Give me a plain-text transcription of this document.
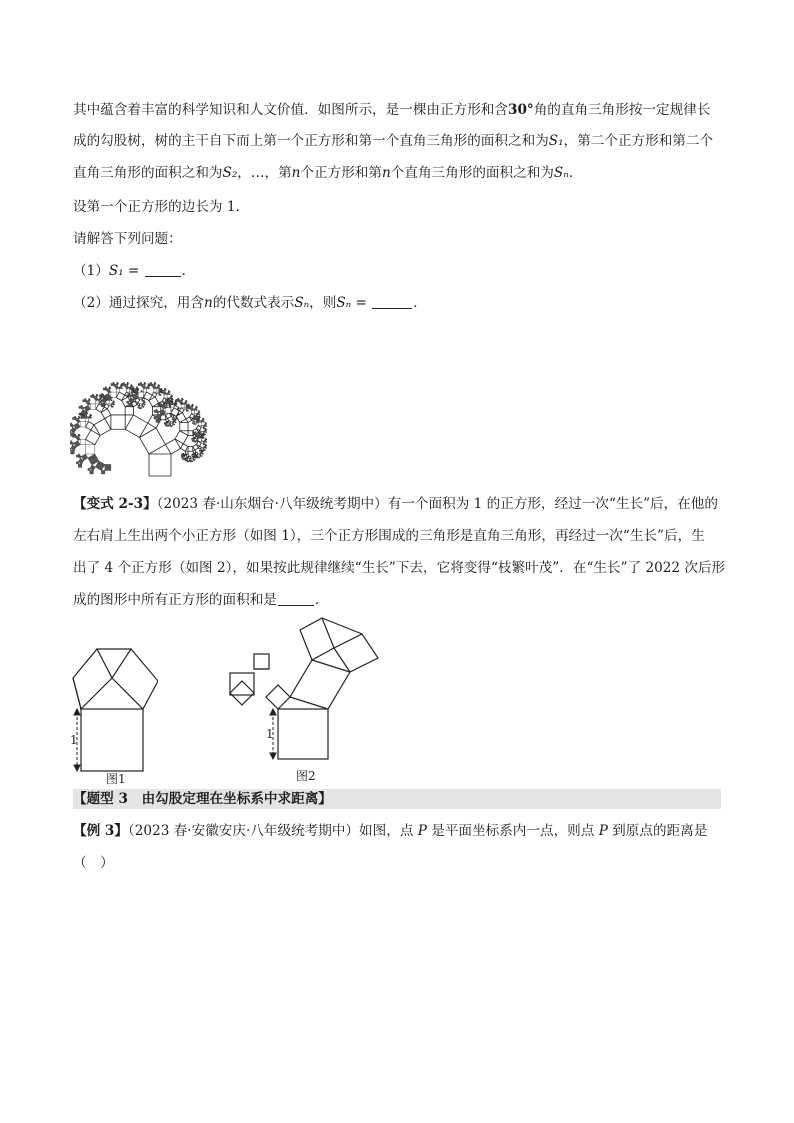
其中蕴含着丰富的科学知识和人文价值．如图所示，是一棵由正方形和含30°角的直角三角形按一定规律长
成的勾股树，树的主干自下而上第一个正方形和第一个直角三角形的面积之和为S₁，第二个正方形和第二个
直角三角形的面积之和为S₂，…，第n个正方形和第n个直角三角形的面积之和为Sₙ．
设第一个正方形的边长为 1．
请解答下列问题：
（1）S₁ =	．
（2）通过探究，用含n的代数式表示Sₙ，则Sₙ =	．
【变式 2-3】（2023 春·山东烟台·八年级统考期中）有一个面积为 1 的正方形，经过一次“生长”后，在他的
左右肩上生出两个小正方形（如图 1），三个正方形围成的三角形是直角三角形，再经过一次“生长”后，生
出了 4 个正方形（如图 2），如果按此规律继续“生长”下去，它将变得“枝繁叶茂”．在“生长”了 2022 次后形
成的图形中所有正方形的面积和是	．
1
图1
1
图2
【题型 3　由勾股定理在坐标系中求距离】
【例 3】（2023 春·安徽安庆·八年级统考期中）如图，点 P 是平面坐标系内一点，则点 P 到原点的距离是
（　）
